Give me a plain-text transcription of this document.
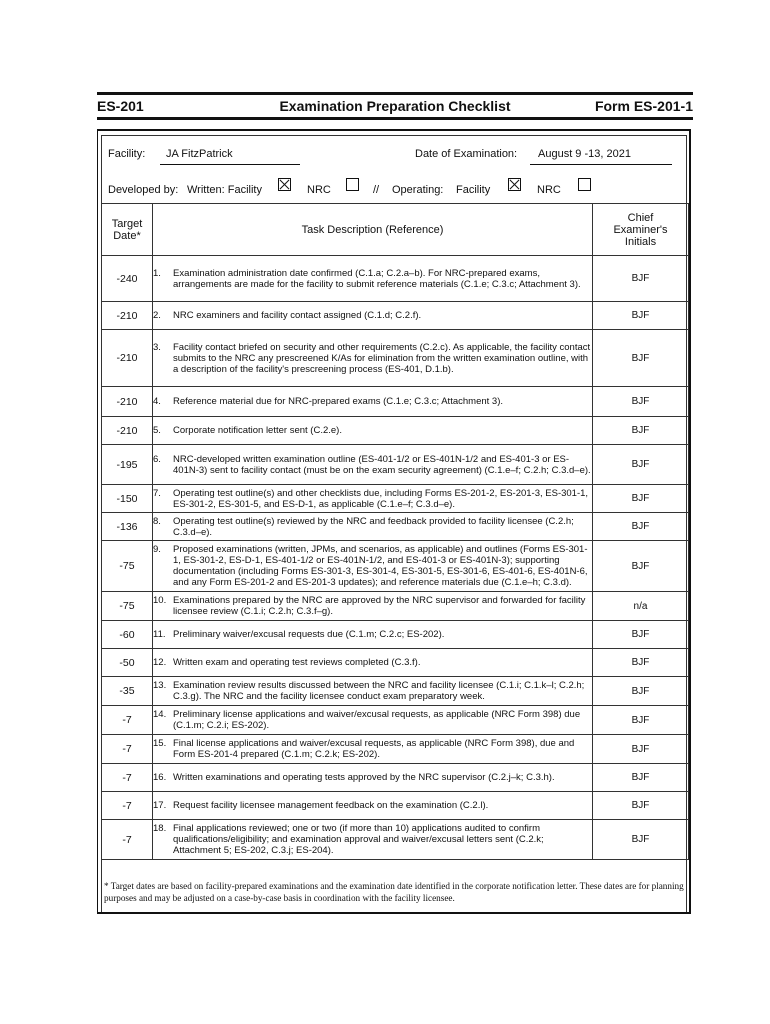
ES-201	Examination Preparation Checklist	Form ES-201-1
Facility: JA FitzPatrick	Date of Examination: August 9 -13, 2021
Developed by: Written: Facility	NRC	// Operating: Facility	NRC
Target Date*	Task Description (Reference)	Chief Examiner's Initials
-240	1. Examination administration date confirmed (C.1.a; C.2.a–b). For NRC-prepared exams, arrangements are made for the facility to submit reference materials (C.1.e; C.3.c; Attachment 3).	BJF
-210	2. NRC examiners and facility contact assigned (C.1.d; C.2.f).	BJF
-210	3. Facility contact briefed on security and other requirements (C.2.c). As applicable, the facility contact submits to the NRC any prescreened K/As for elimination from the written examination outline, with a description of the facility's prescreening process (ES-401, D.1.b).	BJF
-210	4. Reference material due for NRC-prepared exams (C.1.e; C.3.c; Attachment 3).	BJF
-210	5. Corporate notification letter sent (C.2.e).	BJF
-195	6. NRC-developed written examination outline (ES-401-1/2 or ES-401N-1/2 and ES-401-3 or ES-401N-3) sent to facility contact (must be on the exam security agreement) (C.1.e–f; C.2.h; C.3.d–e).	BJF
-150	7. Operating test outline(s) and other checklists due, including Forms ES-201-2, ES-201-3, ES-301-1, ES-301-2, ES-301-5, and ES-D-1, as applicable (C.1.e–f; C.3.d–e).	BJF
-136	8. Operating test outline(s) reviewed by the NRC and feedback provided to facility licensee (C.2.h; C.3.d–e).	BJF
-75	9. Proposed examinations (written, JPMs, and scenarios, as applicable) and outlines (Forms ES-301-1, ES-301-2, ES-D-1, ES-401-1/2 or ES-401N-1/2, and ES-401-3 or ES-401N-3); supporting documentation (including Forms ES-301-3, ES-301-4, ES-301-5, ES-301-6, ES-401-6, ES-401N-6, and any Form ES-201-2 and ES-201-3 updates); and reference materials due (C.1.e–h; C.3.d).	BJF
-75	10. Examinations prepared by the NRC are approved by the NRC supervisor and forwarded for facility licensee review (C.1.i; C.2.h; C.3.f–g).	n/a
-60	11. Preliminary waiver/excusal requests due (C.1.m; C.2.c; ES-202).	BJF
-50	12. Written exam and operating test reviews completed (C.3.f).	BJF
-35	13. Examination review results discussed between the NRC and facility licensee (C.1.i; C.1.k–l; C.2.h; C.3.g). The NRC and the facility licensee conduct exam preparatory week.	BJF
-7	14. Preliminary license applications and waiver/excusal requests, as applicable (NRC Form 398) due (C.1.m; C.2.i; ES-202).	BJF
-7	15. Final license applications and waiver/excusal requests, as applicable (NRC Form 398), due and Form ES-201-4 prepared (C.1.m; C.2.k; ES-202).	BJF
-7	16. Written examinations and operating tests approved by the NRC supervisor (C.2.j–k; C.3.h).	BJF
-7	17. Request facility licensee management feedback on the examination (C.2.l).	BJF
-7	18. Final applications reviewed; one or two (if more than 10) applications audited to confirm qualifications/eligibility; and examination approval and waiver/excusal letters sent (C.2.k; Attachment 5; ES-202, C.3.j; ES-204).	BJF
* Target dates are based on facility-prepared examinations and the examination date identified in the corporate notification letter. These dates are for planning purposes and may be adjusted on a case-by-case basis in coordination with the facility licensee.
